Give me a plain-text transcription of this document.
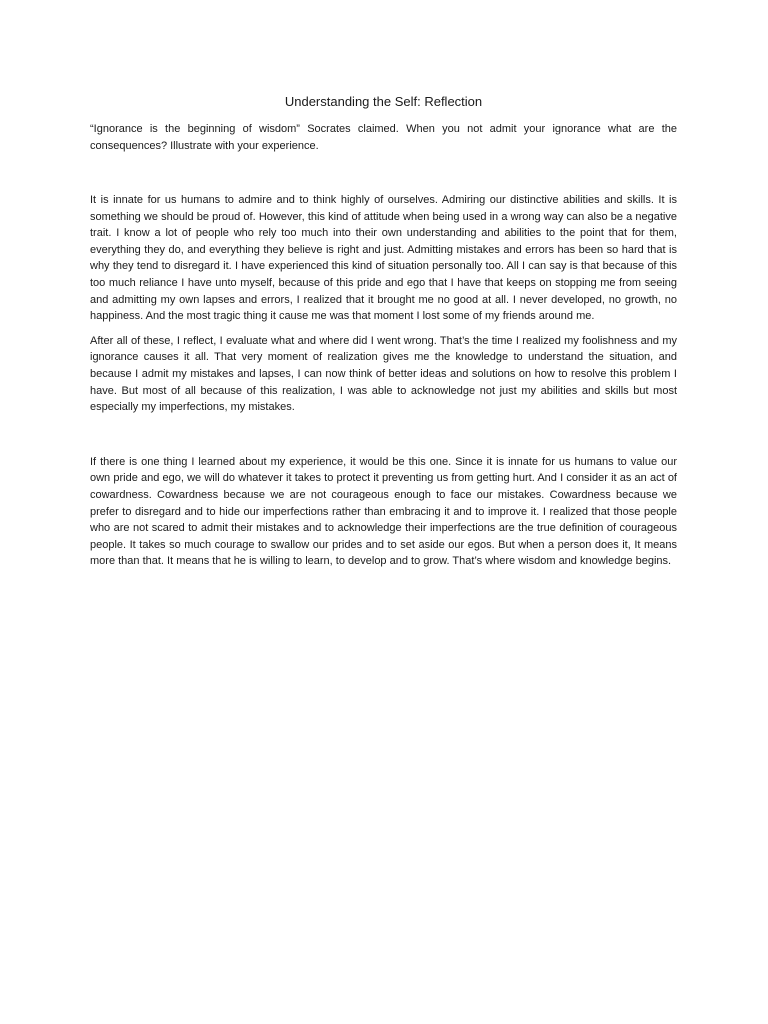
Understanding the Self: Reflection

“Ignorance is the beginning of wisdom” Socrates claimed. When you not admit your ignorance what are the consequences? Illustrate with your experience.

It is innate for us humans to admire and to think highly of ourselves. Admiring our distinctive abilities and skills. It is something we should be proud of. However, this kind of attitude when being used in a wrong way can also be a negative trait. I know a lot of people who rely too much into their own understanding and abilities to the point that for them, everything they do, and everything they believe is right and just. Admitting mistakes and errors has been so hard that is why they tend to disregard it. I have experienced this kind of situation personally too. All I can say is that because of this too much reliance I have unto myself, because of this pride and ego that I have that keeps on stopping me from seeing and admitting my own lapses and errors, I realized that it brought me no good at all. I never developed, no growth, no happiness. And the most tragic thing it cause me was that moment I lost some of my friends around me.

After all of these, I reflect, I evaluate what and where did I went wrong. That’s the time I realized my foolishness and my ignorance causes it all. That very moment of realization gives me the knowledge to understand the situation, and because I admit my mistakes and lapses, I can now think of better ideas and solutions on how to resolve this problem I have. But most of all because of this realization, I was able to acknowledge not just my abilities and skills but most especially my imperfections, my mistakes.

If there is one thing I learned about my experience, it would be this one. Since it is innate for us humans to value our own pride and ego, we will do whatever it takes to protect it preventing us from getting hurt. And I consider it as an act of cowardness. Cowardness because we are not courageous enough to face our mistakes. Cowardness because we prefer to disregard and to hide our imperfections rather than embracing it and to improve it. I realized that those people who are not scared to admit their mistakes and to acknowledge their imperfections are the true definition of courageous people. It takes so much courage to swallow our prides and to set aside our egos. But when a person does it, It means more than that. It means that he is willing to learn, to develop and to grow. That’s where wisdom and knowledge begins.
